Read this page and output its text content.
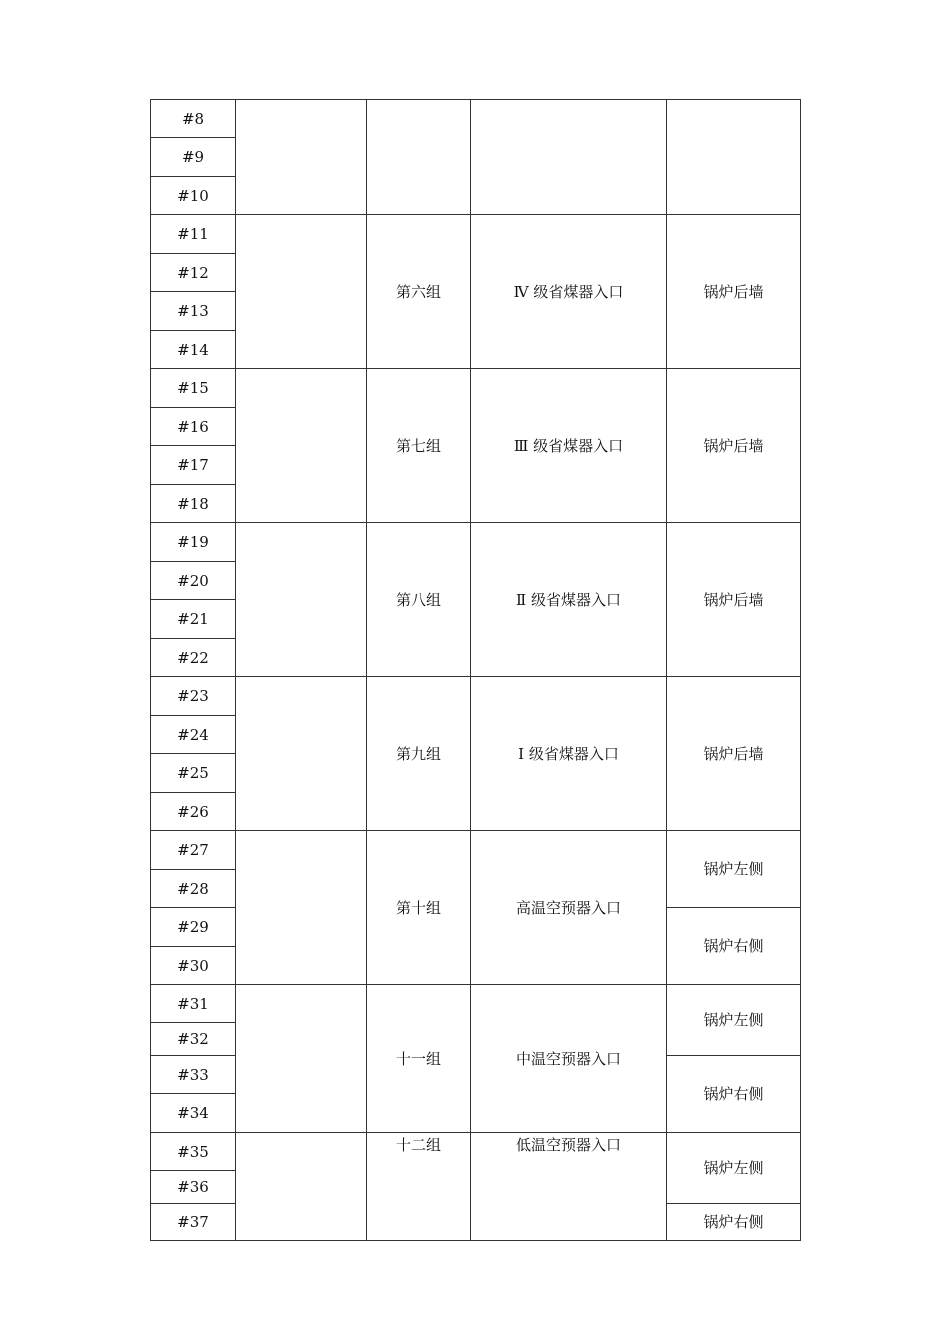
#8				
#9				
#10				
#11		第六组	Ⅳ 级省煤器入口	锅炉后墙
#12				
#13				
#14				
#15		第七组	Ⅲ 级省煤器入口	锅炉后墙
#16				
#17				
#18				
#19		第八组	Ⅱ 级省煤器入口	锅炉后墙
#20				
#21				
#22				
#23		第九组	Ⅰ 级省煤器入口	锅炉后墙
#24				
#25				
#26				
#27		第十组	高温空预器入口	锅炉左侧
#28				
#29				锅炉右侧
#30				
#31		十一组	中温空预器入口	锅炉左侧
#32				
#33				锅炉右侧
#34				
#35		十二组	低温空预器入口	锅炉左侧
#36				
#37				锅炉右侧
